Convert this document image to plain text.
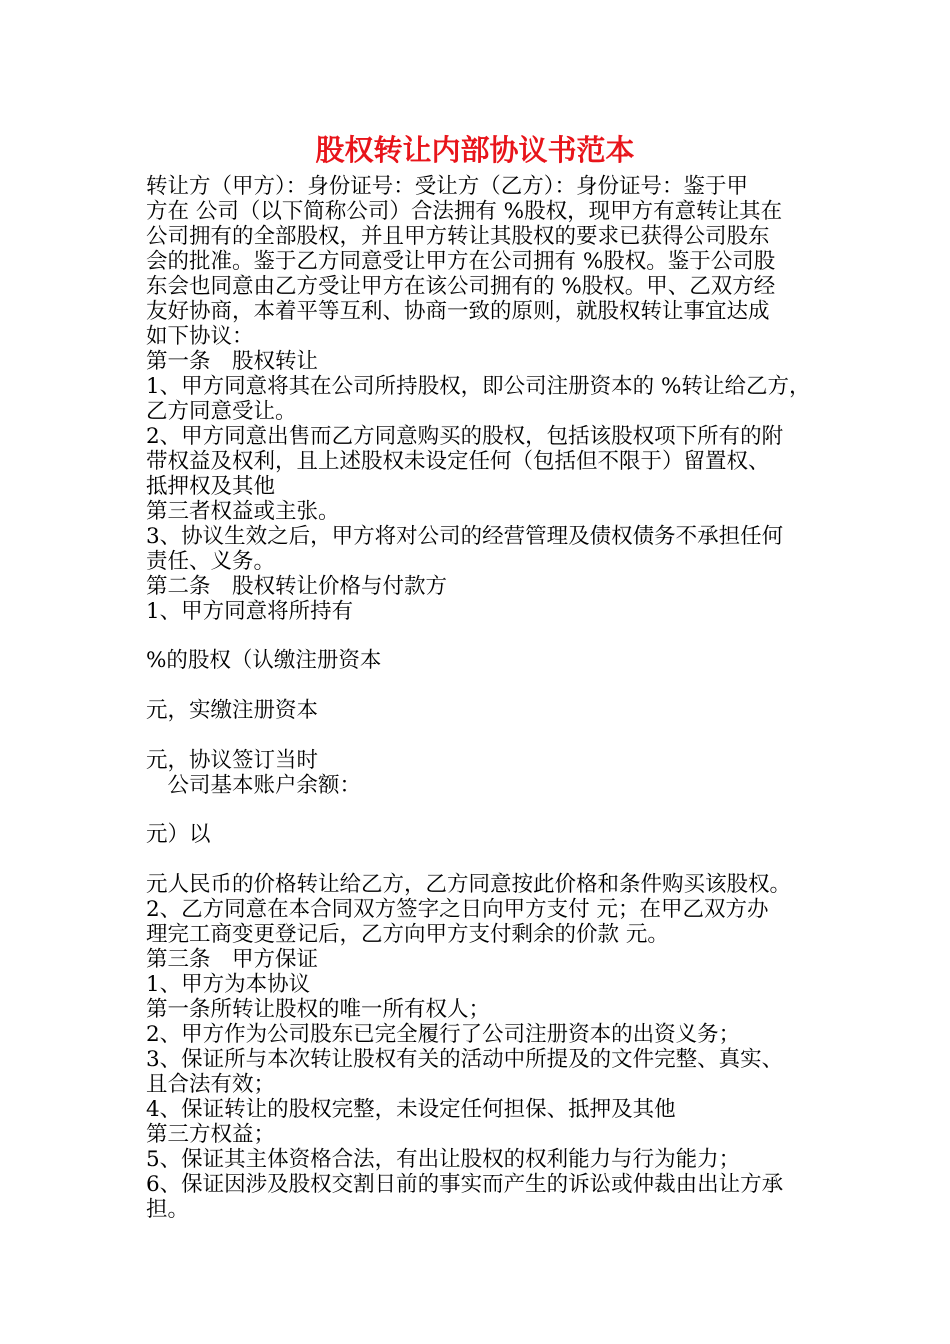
股权转让内部协议书范本
转让方（甲方）：身份证号：受让方（乙方）：身份证号：鉴于甲
方在 公司（以下简称公司）合法拥有 %股权，现甲方有意转让其在
公司拥有的全部股权，并且甲方转让其股权的要求已获得公司股东
会的批准。鉴于乙方同意受让甲方在公司拥有 %股权。鉴于公司股
东会也同意由乙方受让甲方在该公司拥有的 %股权。甲、乙双方经
友好协商，本着平等互利、协商一致的原则，就股权转让事宜达成
如下协议：
第一条　股权转让
1、甲方同意将其在公司所持股权，即公司注册资本的 %转让给乙方，
乙方同意受让。
2、甲方同意出售而乙方同意购买的股权，包括该股权项下所有的附
带权益及权利，且上述股权未设定任何（包括但不限于）留置权、
抵押权及其他
第三者权益或主张。
3、协议生效之后，甲方将对公司的经营管理及债权债务不承担任何
责任、义务。
第二条　股权转让价格与付款方
1、甲方同意将所持有
%的股权（认缴注册资本
元，实缴注册资本
元，协议签订当时
　公司基本账户余额：
元）以
元人民币的价格转让给乙方，乙方同意按此价格和条件购买该股权。
2、乙方同意在本合同双方签字之日向甲方支付 元；在甲乙双方办
理完工商变更登记后，乙方向甲方支付剩余的价款 元。
第三条　甲方保证
1、甲方为本协议
第一条所转让股权的唯一所有权人；
2、甲方作为公司股东已完全履行了公司注册资本的出资义务；
3、保证所与本次转让股权有关的活动中所提及的文件完整、真实、
且合法有效；
4、保证转让的股权完整，未设定任何担保、抵押及其他
第三方权益；
5、保证其主体资格合法，有出让股权的权利能力与行为能力；
6、保证因涉及股权交割日前的事实而产生的诉讼或仲裁由出让方承
担。
